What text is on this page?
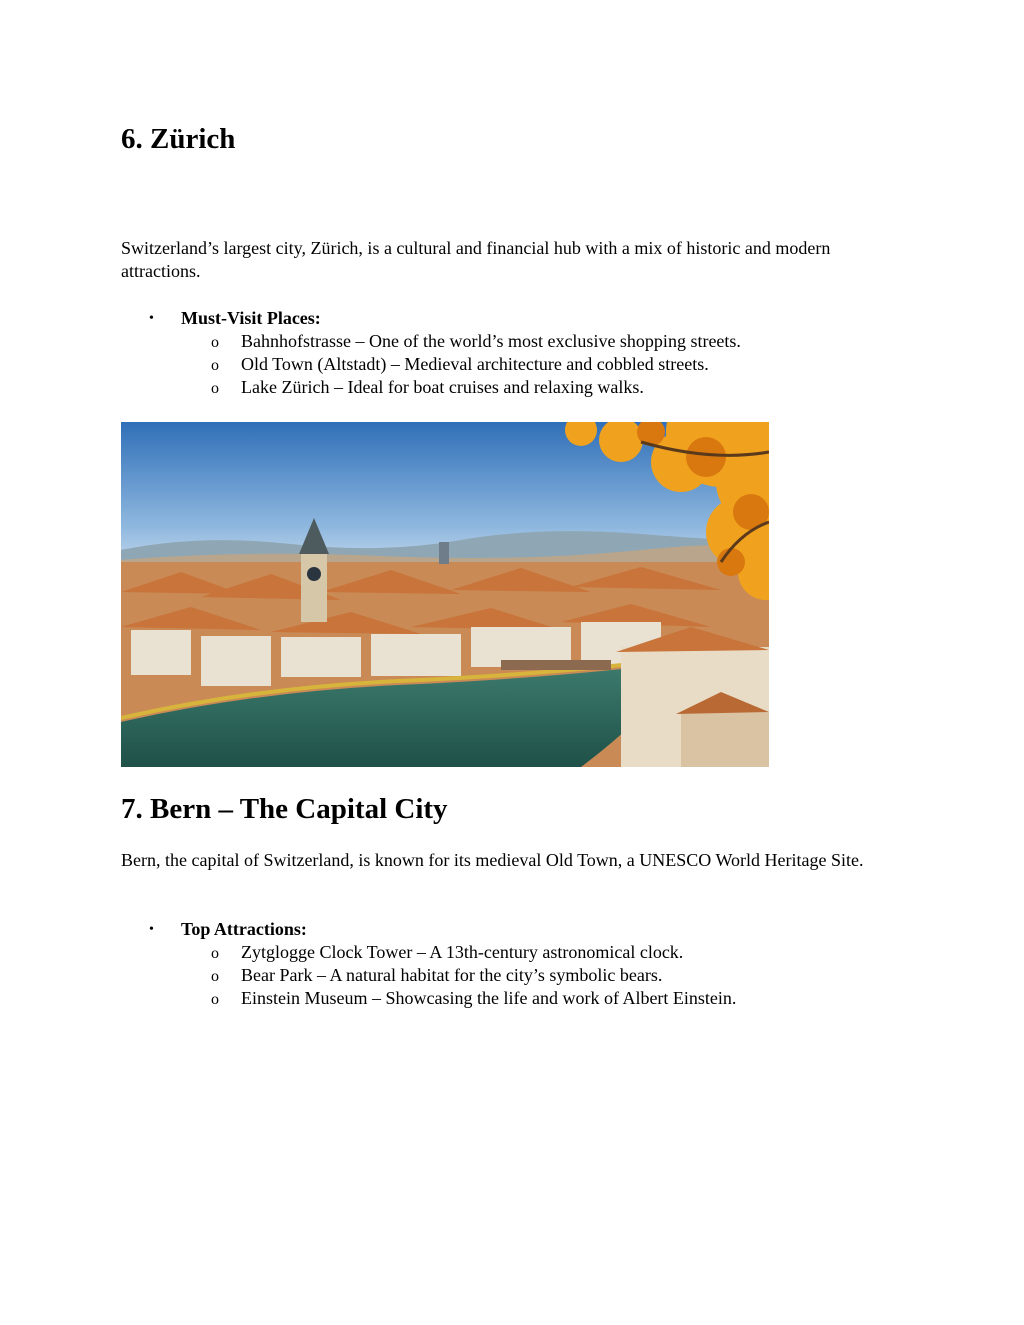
6. Zürich

Switzerland’s largest city, Zürich, is a cultural and financial hub with a mix of historic and modern attractions.

• Must-Visit Places:
o Bahnhofstrasse – One of the world’s most exclusive shopping streets.
o Old Town (Altstadt) – Medieval architecture and cobbled streets.
o Lake Zürich – Ideal for boat cruises and relaxing walks.
7. Bern – The Capital City

Bern, the capital of Switzerland, is known for its medieval Old Town, a UNESCO World Heritage Site.

• Top Attractions:
o Zytglogge Clock Tower – A 13th-century astronomical clock.
o Bear Park – A natural habitat for the city’s symbolic bears.
o Einstein Museum – Showcasing the life and work of Albert Einstein.
